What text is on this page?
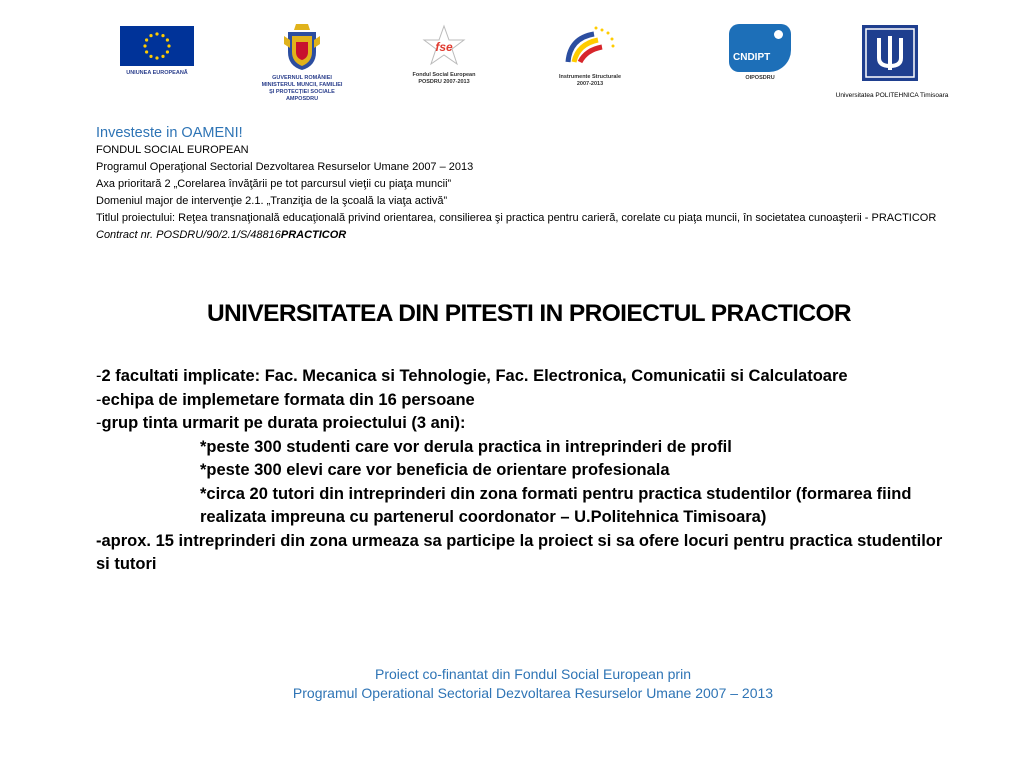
UNIUNEA EUROPEANĂ
GUVERNUL ROMÂNIEI
MINISTERUL MUNCII, FAMILIEI
ȘI PROTECȚIEI SOCIALE
AMPOSDRU
fse
Fondul Social European
POSDRU 2007-2013
Instrumente Structurale
2007-2013
CNDIPT
OIPOSDRU
Universitatea POLITEHNICA Timisoara
Investeste in OAMENI!
FONDUL SOCIAL EUROPEAN
Programul Operaţional Sectorial Dezvoltarea Resurselor Umane 2007 – 2013
Axa prioritară 2 „Corelarea învăţării pe tot parcursul vieţii cu piaţa muncii”
Domeniul major de intervenţie 2.1. „Tranziţia de la şcoală la viaţa activă”
Titlul proiectului: Reţea transnaţională educaţională privind orientarea, consilierea şi practica pentru carieră, corelate cu piaţa muncii, în societatea cunoaşterii - PRACTICOR
Contract nr. POSDRU/90/2.1/S/48816PRACTICOR
UNIVERSITATEA DIN PITESTI IN PROIECTUL PRACTICOR
-2 facultati implicate: Fac. Mecanica si Tehnologie, Fac. Electronica, Comunicatii si Calculatoare
-echipa de implemetare formata din 16 persoane
-grup tinta urmarit pe durata proiectului (3 ani):
*peste 300 studenti care vor derula practica in intreprinderi de profil
*peste 300 elevi care vor beneficia de orientare profesionala
*circa 20 tutori din intreprinderi din zona formati pentru practica studentilor (formarea fiind realizata impreuna cu partenerul coordonator – U.Politehnica Timisoara)
-aprox. 15 intreprinderi din zona urmeaza sa participe la proiect si sa ofere locuri pentru practica studentilor si tutori
Proiect co-finantat din Fondul Social European prin
Programul Operational Sectorial Dezvoltarea Resurselor Umane 2007 – 2013
